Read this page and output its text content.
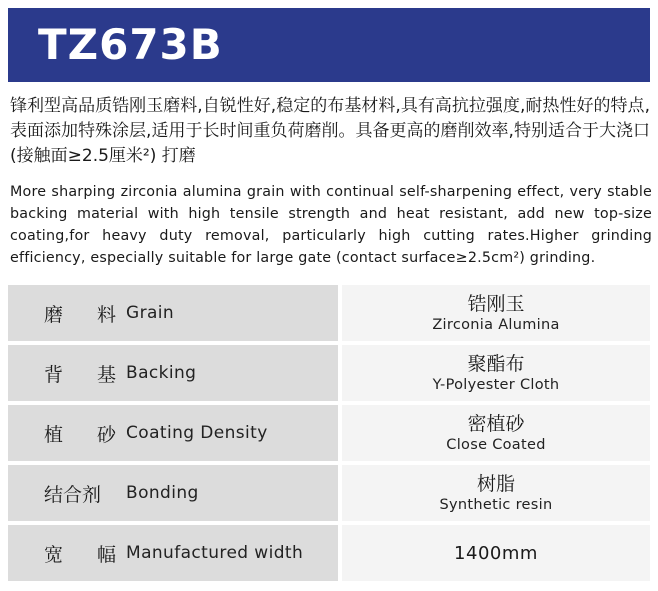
TZ673B
锋利型高品质锆刚玉磨料,自锐性好,稳定的布基材料,具有高抗拉强度,耐热性好的特点,表面添加特殊涂层,适用于长时间重负荷磨削。具备更高的磨削效率,特别适合于大浇口(接触面≥2.5厘米²) 打磨
More sharping zirconia alumina grain with continual self-sharpening effect, very stable backing material with high tensile strength and heat resistant, add new top-size coating,for heavy duty removal, particularly high cutting rates.Higher grinding efficiency, especially suitable for large gate (contact surface≥2.5cm²) grinding.
磨 料 Grain	锆刚玉
Zirconia Alumina
背 基 Backing	聚酯布
Y-Polyester Cloth
植 砂 Coating Density	密植砂
Close Coated
结合剂 Bonding	树脂
Synthetic resin
宽 幅 Manufactured width	1400mm
